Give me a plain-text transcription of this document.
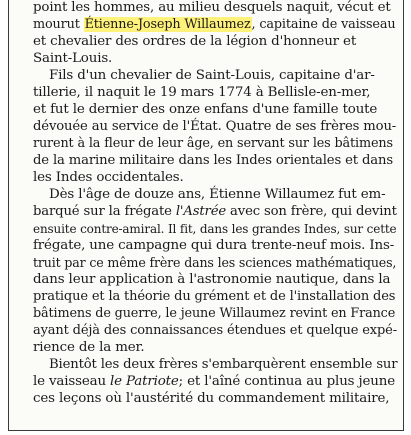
point les hommes, au milieu desquels naquit, vécut et
mourut Étienne-Joseph Willaumez, capitaine de vaisseau
et chevalier des ordres de la légion d'honneur et
Saint-Louis.
Fils d'un chevalier de Saint-Louis, capitaine d'ar-
tillerie, il naquit le 19 mars 1774 à Bellisle-en-mer,
et fut le dernier des onze enfans d'une famille toute
dévouée au service de l'État. Quatre de ses frères mou-
rurent à la fleur de leur âge, en servant sur les bâtimens
de la marine militaire dans les Indes orientales et dans
les Indes occidentales.
Dès l'âge de douze ans, Étienne Willaumez fut em-
barqué sur la frégate l'Astrée avec son frère, qui devint
ensuite contre-amiral. Il fit, dans les grandes Indes, sur cette
frégate, une campagne qui dura trente-neuf mois. Ins-
truit par ce même frère dans les sciences mathématiques,
dans leur application à l'astronomie nautique, dans la
pratique et la théorie du grément et de l'installation des
bâtimens de guerre, le jeune Willaumez revint en France
ayant déjà des connaissances étendues et quelque expé-
rience de la mer.
Bientôt les deux frères s'embarquèrent ensemble sur
le vaisseau le Patriote; et l'aîné continua au plus jeune
ces leçons où l'austérité du commandement militaire,
